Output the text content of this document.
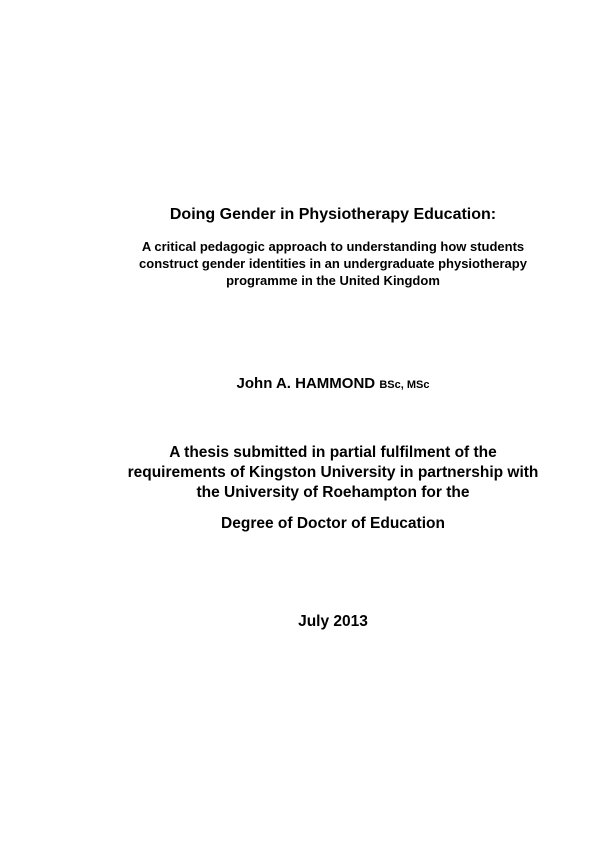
Doing Gender in Physiotherapy Education:

A critical pedagogic approach to understanding how students
construct gender identities in an undergraduate physiotherapy
programme in the United Kingdom

John A. HAMMOND BSc, MSc

A thesis submitted in partial fulfilment of the
requirements of Kingston University in partnership with
the University of Roehampton for the

Degree of Doctor of Education

July 2013
